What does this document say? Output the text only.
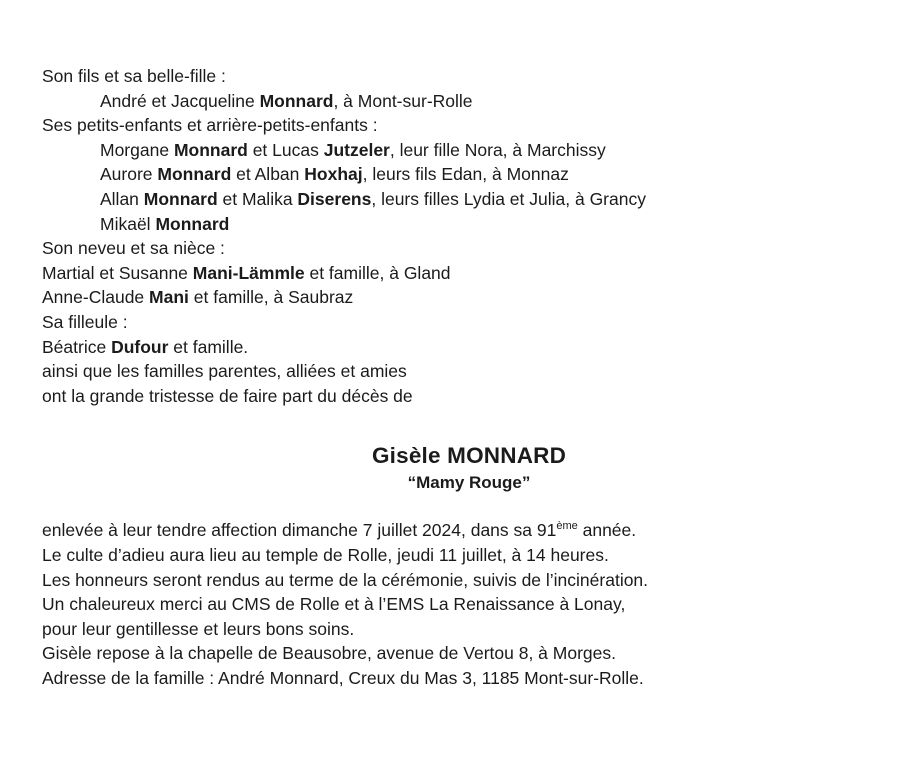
Son fils et sa belle-fille :
André et Jacqueline Monnard, à Mont-sur-Rolle
Ses petits-enfants et arrière-petits-enfants :
Morgane Monnard et Lucas Jutzeler, leur fille Nora, à Marchissy
Aurore Monnard et Alban Hoxhaj, leurs fils Edan, à Monnaz
Allan Monnard et Malika Diserens, leurs filles Lydia et Julia, à Grancy
Mikaël Monnard
Son neveu et sa nièce :
Martial et Susanne Mani-Lämmle et famille, à Gland
Anne-Claude Mani et famille, à Saubraz
Sa filleule :
Béatrice Dufour et famille.
ainsi que les familles parentes, alliées et amies
ont la grande tristesse de faire part du décès de
Gisèle MONNARD
“Mamy Rouge”
enlevée à leur tendre affection dimanche 7 juillet 2024, dans sa 91ème année.
Le culte d’adieu aura lieu au temple de Rolle, jeudi 11 juillet, à 14 heures.
Les honneurs seront rendus au terme de la cérémonie, suivis de l’incinération.
Un chaleureux merci au CMS de Rolle et à l’EMS La Renaissance à Lonay,
pour leur gentillesse et leurs bons soins.
Gisèle repose à la chapelle de Beausobre, avenue de Vertou 8, à Morges.
Adresse de la famille : André Monnard, Creux du Mas 3, 1185 Mont-sur-Rolle.
